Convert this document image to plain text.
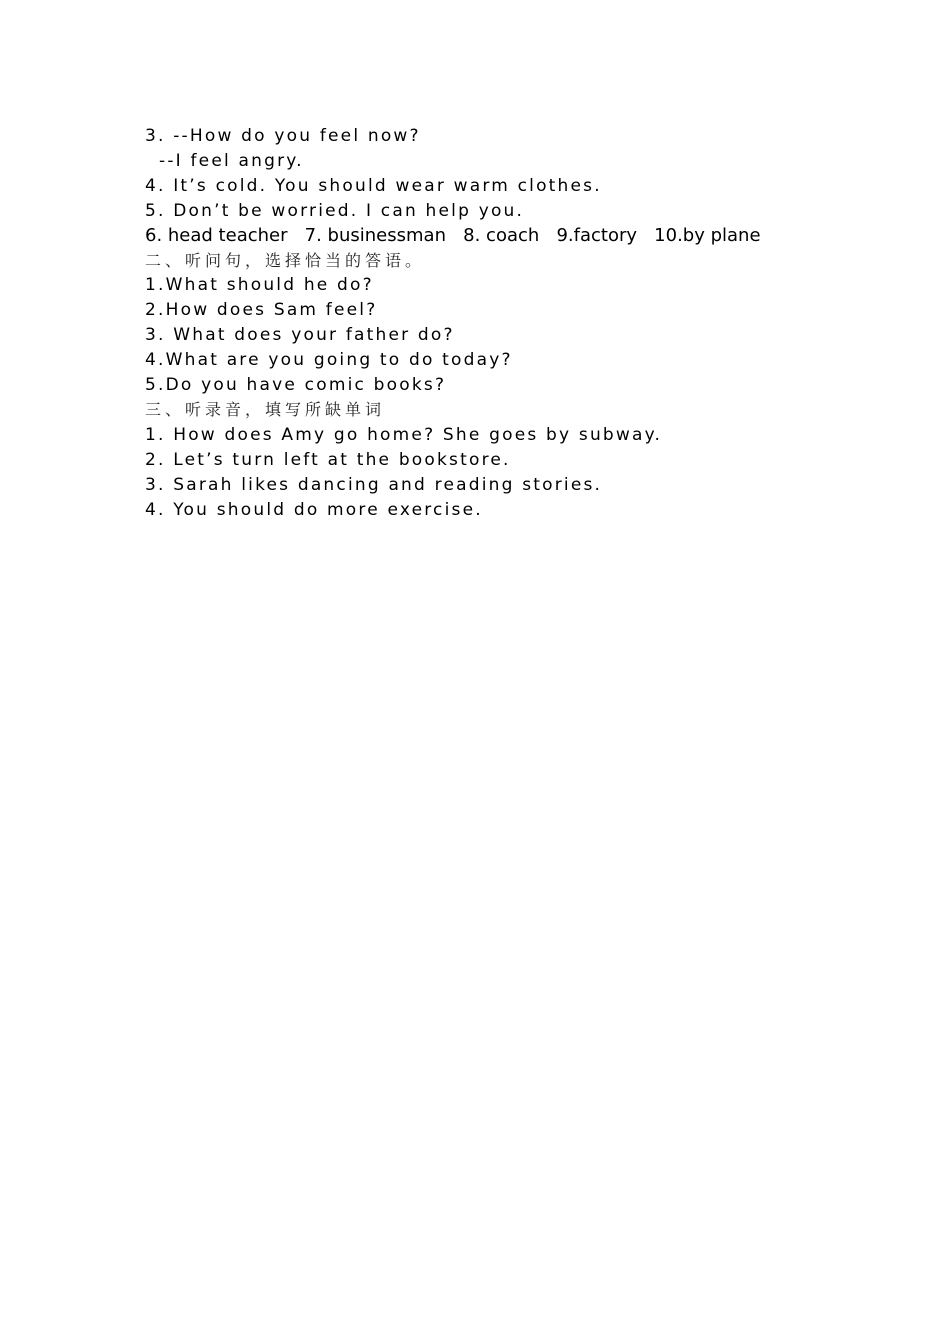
3. --How do you feel now?
--I feel angry.
4. It’s cold. You should wear warm clothes.
5. Don’t be worried. I can help you.
6. head teacher   7. businessman   8. coach   9.factory   10.by plane
二、听问句，选择恰当的答语。
1.What should he do?
2.How does Sam feel?
3. What does your father do?
4.What are you going to do today?
5.Do you have comic books?
三、听录音，填写所缺单词
1. How does Amy go home? She goes by subway.
2. Let’s turn left at the bookstore.
3. Sarah likes dancing and reading stories.
4. You should do more exercise.
